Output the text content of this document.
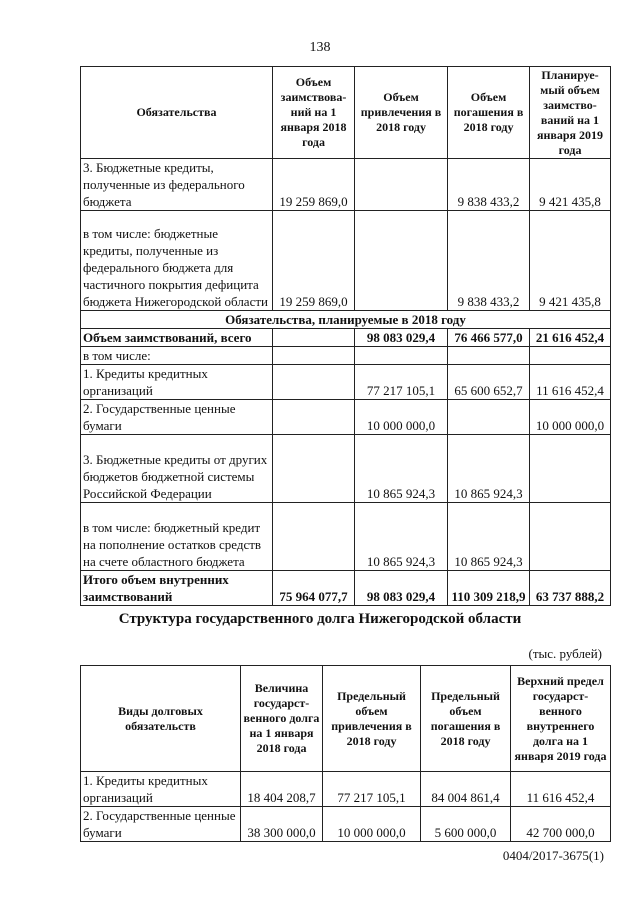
138
Обязательства	Объем заимствова-ний на 1 января 2018 года	Объем привлечения в 2018 году	Объем погашения в 2018 году	Планируе-мый объем заимство-ваний на 1 января 2019 года
3. Бюджетные кредиты, полученные из федерального бюджета	19 259 869,0		9 838 433,2	9 421 435,8
в том числе: бюджетные кредиты, полученные из федерального бюджета для частичного покрытия дефицита бюджета Нижегородской области	19 259 869,0		9 838 433,2	9 421 435,8
Обязательства, планируемые в 2018 году				
Объем заимствований, всего		98 083 029,4	76 466 577,0	21 616 452,4
в том числе:				
1. Кредиты кредитных организаций		77 217 105,1	65 600 652,7	11 616 452,4
2. Государственные ценные бумаги		10 000 000,0		10 000 000,0
3. Бюджетные кредиты от других бюджетов бюджетной системы Российской Федерации		10 865 924,3	10 865 924,3	
в том числе: бюджетный кредит на пополнение остатков средств на счете областного бюджета		10 865 924,3	10 865 924,3	
Итого объем внутренних заимствований	75 964 077,7	98 083 029,4	110 309 218,9	63 737 888,2
Структура государственного долга Нижегородской области
(тыс. рублей)
Виды долговых обязательств	Величина государст-венного долга на 1 января 2018 года	Предельный объем привлечения в 2018 году	Предельный объем погашения в 2018 году	Верхний предел государст-венного внутреннего долга на 1 января 2019 года
1. Кредиты кредитных организаций	18 404 208,7	77 217 105,1	84 004 861,4	11 616 452,4
2. Государственные ценные бумаги	38 300 000,0	10 000 000,0	5 600 000,0	42 700 000,0
0404/2017-3675(1)
